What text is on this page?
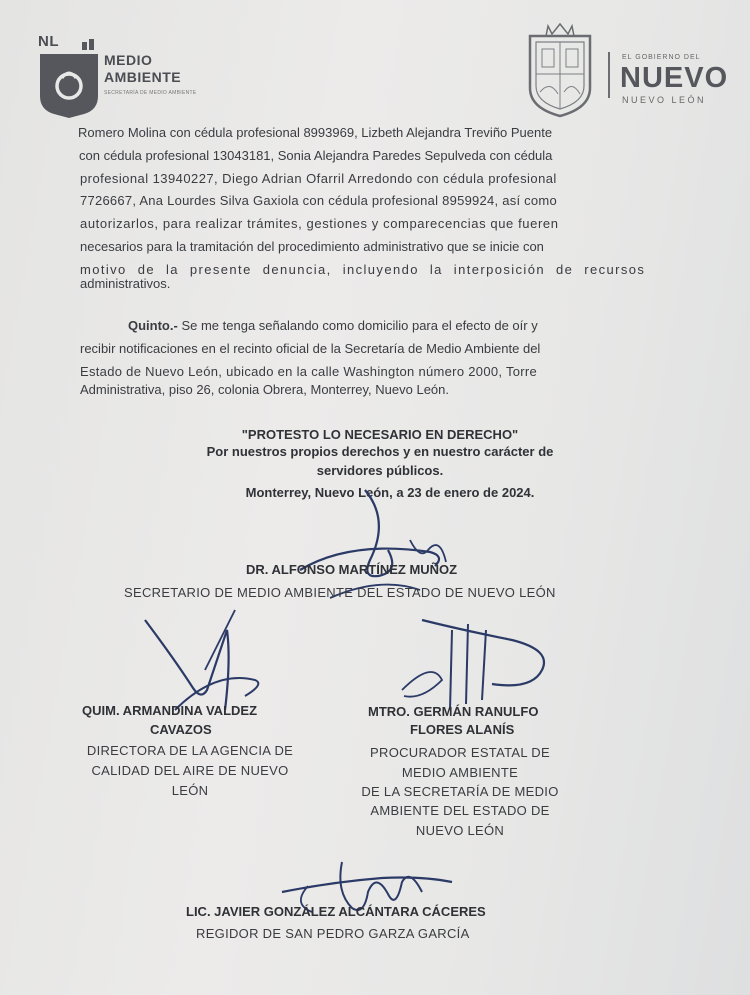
NL
MEDIO AMBIENTE
SECRETARÍA DE MEDIO AMBIENTE
EL GOBIERNO DEL
NUEVO
NUEVO LEÓN
Romero Molina con cédula profesional 8993969, Lizbeth Alejandra Treviño Puente
con cédula profesional 13043181, Sonia Alejandra Paredes Sepulveda con cédula
profesional 13940227, Diego Adrian Ofarril Arredondo con cédula profesional
7726667, Ana Lourdes Silva Gaxiola con cédula profesional 8959924, así como
autorizarlos, para realizar trámites, gestiones y comparecencias que fueren
necesarios para la tramitación del procedimiento administrativo que se inicie con
motivo de la presente denuncia, incluyendo la interposición de recursos
administrativos.
Quinto.- Se me tenga señalando como domicilio para el efecto de oír y
recibir notificaciones en el recinto oficial de la Secretaría de Medio Ambiente del
Estado de Nuevo León, ubicado en la calle Washington número 2000, Torre
Administrativa, piso 26, colonia Obrera, Monterrey, Nuevo León.
"PROTESTO LO NECESARIO EN DERECHO"
Por nuestros propios derechos y en nuestro carácter de
servidores públicos.
Monterrey, Nuevo León, a 23 de enero de 2024.
DR. ALFONSO MARTÍNEZ MUÑOZ
SECRETARIO DE MEDIO AMBIENTE DEL ESTADO DE NUEVO LEÓN
QUIM. ARMANDINA VALDEZ
CAVAZOS
DIRECTORA DE LA AGENCIA DE
CALIDAD DEL AIRE DE NUEVO
LEÓN
MTRO. GERMÁN RANULFO
FLORES ALANÍS
PROCURADOR ESTATAL DE
MEDIO AMBIENTE
DE LA SECRETARÍA DE MEDIO
AMBIENTE DEL ESTADO DE
NUEVO LEÓN
LIC. JAVIER GONZÁLEZ ALCÁNTARA CÁCERES
REGIDOR DE SAN PEDRO GARZA GARCÍA
